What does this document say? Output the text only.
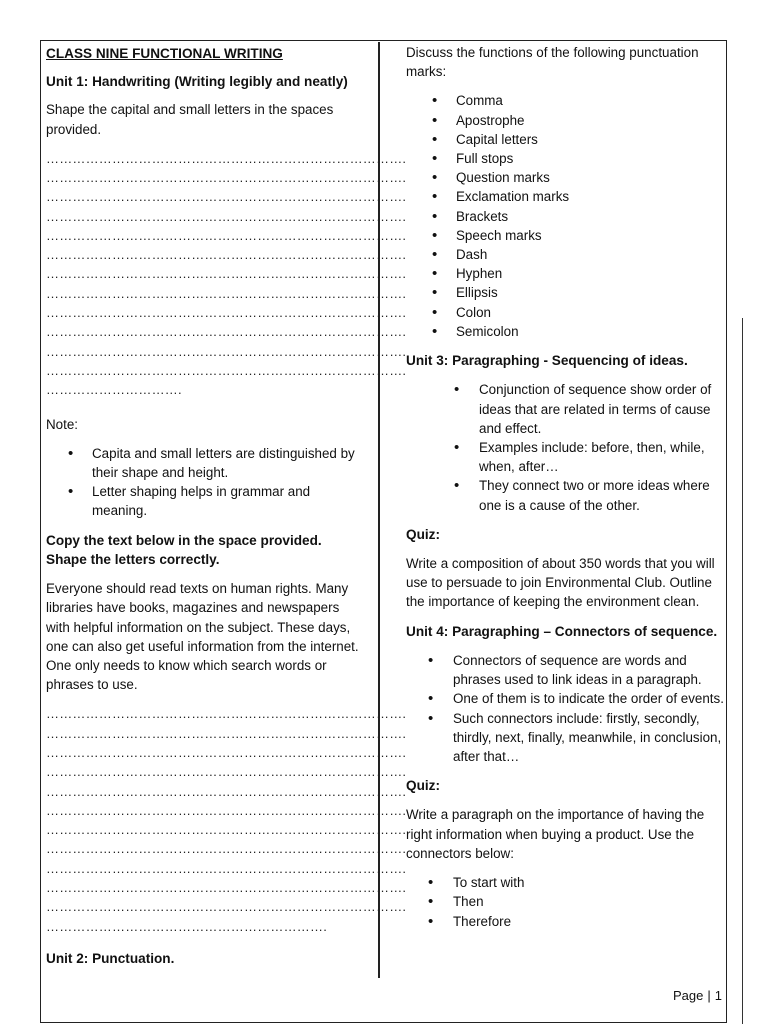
CLASS NINE FUNCTIONAL WRITING

Unit 1: Handwriting (Writing legibly and neatly)

Shape the capital and small letters in the spaces provided.

……………………………………………………………………….

……………………………………………………………………….

……………………………………………………………………….

……………………………………………………………………….

……………………………………………………………………….

……………………………………………………………………….

……………………………………………………………………….

……………………………………………………………………….

……………………………………………………………………….

……………………………………………………………………….

……………………………………………………………………….

……………………………………………………………………….

………………………….

Note:

• Capita and small letters are distinguished by their shape and height.
• Letter shaping helps in grammar and meaning.

Copy the text below in the space provided. Shape the letters correctly.

Everyone should read texts on human rights. Many libraries have books, magazines and newspapers with helpful information on the subject. These days, one can also get useful information from the internet. One only needs to know which search words or phrases to use.

……………………………………………………………………….

……………………………………………………………………….

……………………………………………………………………….

……………………………………………………………………….

……………………………………………………………………….

……………………………………………………………………….

……………………………………………………………………….

……………………………………………………………………….

……………………………………………………………………….

……………………………………………………………………….

……………………………………………………………………….

……………………………………………………….

Unit 2: Punctuation.

Discuss the functions of the following punctuation marks:

• Comma
• Apostrophe
• Capital letters
• Full stops
• Question marks
• Exclamation marks
• Brackets
• Speech marks
• Dash
• Hyphen
• Ellipsis
• Colon
• Semicolon

Unit 3: Paragraphing - Sequencing of ideas.

• Conjunction of sequence show order of ideas that are related in terms of cause and effect.
• Examples include: before, then, while, when, after…
• They connect two or more ideas where one is a cause of the other.

Quiz:

Write a composition of about 350 words that you will use to persuade to join Environmental Club. Outline the importance of keeping the environment clean.

Unit 4: Paragraphing – Connectors of sequence.

• Connectors of sequence are words and phrases used to link ideas in a paragraph.
• One of them is to indicate the order of events.
• Such connectors include: firstly, secondly, thirdly, next, finally, meanwhile, in conclusion, after that…

Quiz:

Write a paragraph on the importance of having the right information when buying a product. Use the connectors below:

• To start with
• Then
• Therefore
Page | 1
